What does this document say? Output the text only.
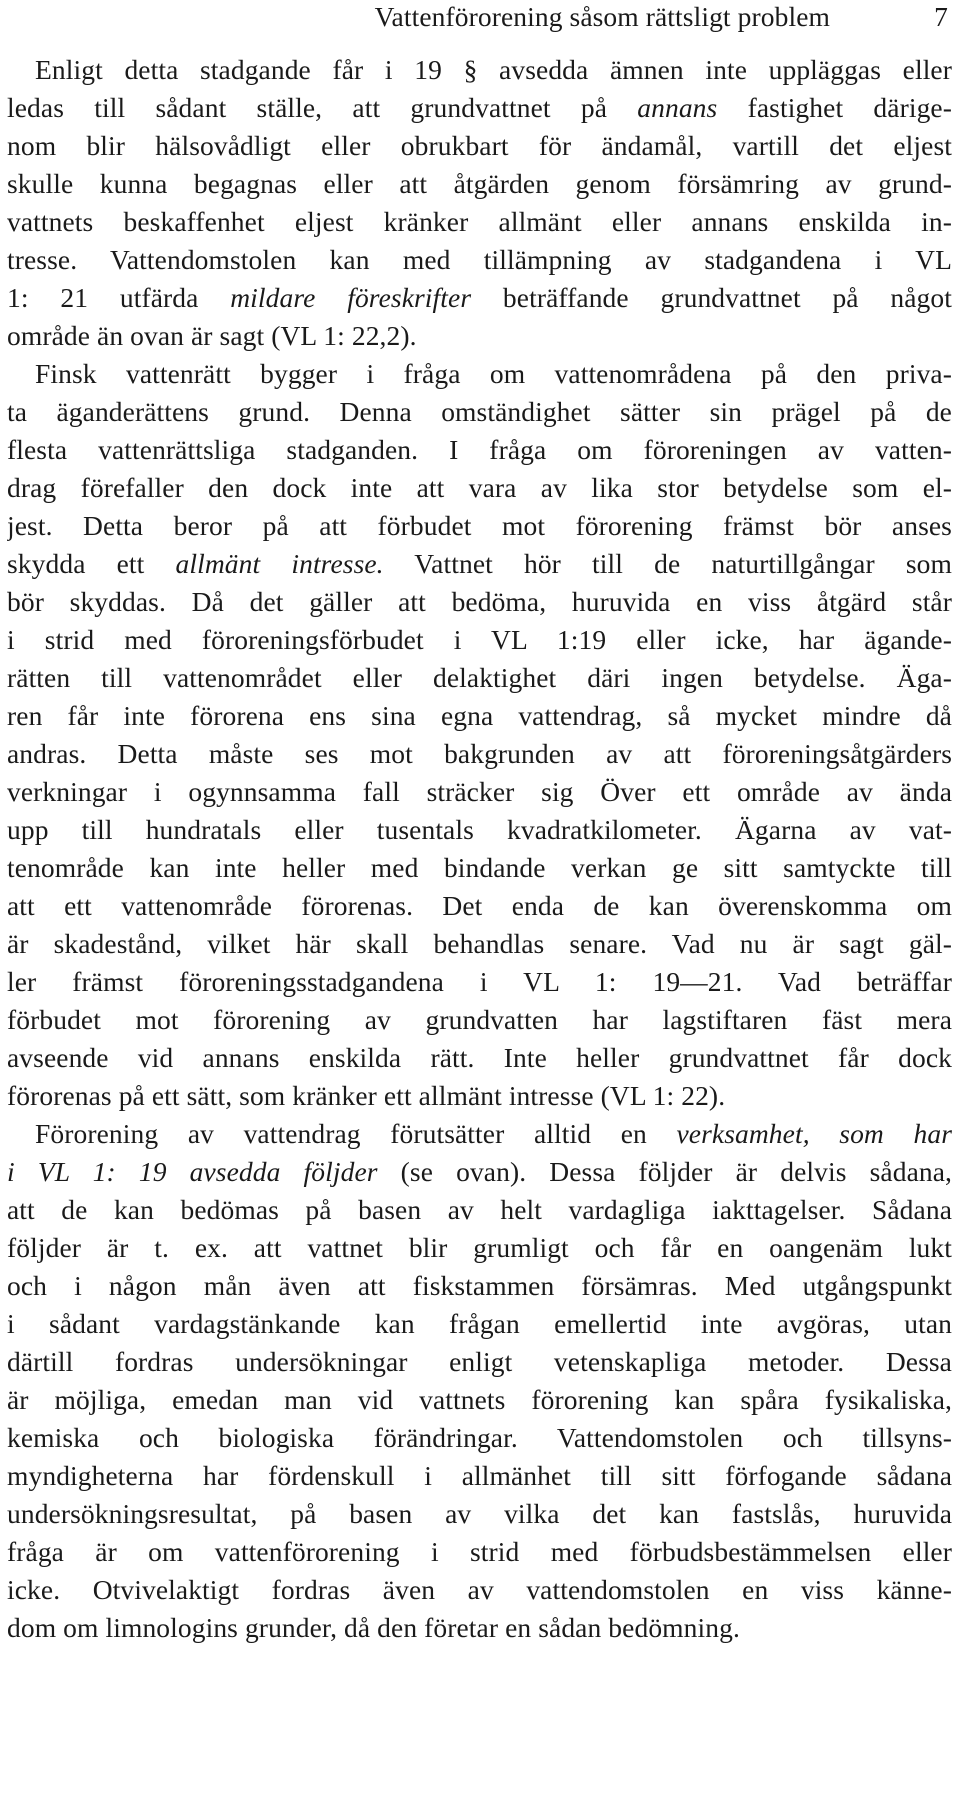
Vattenförorening såsom rättsligt problem	7
Enligt detta stadgande får i 19 § avsedda ämnen inte uppläggas eller
ledas till sådant ställe, att grundvattnet på annans fastighet därige-
nom blir hälsovådligt eller obrukbart för ändamål, vartill det eljest
skulle kunna begagnas eller att åtgärden genom försämring av grund-
vattnets beskaffenhet eljest kränker allmänt eller annans enskilda in-
tresse. Vattendomstolen kan med tillämpning av stadgandena i VL
1: 21 utfärda mildare föreskrifter beträffande grundvattnet på något
område än ovan är sagt (VL 1: 22,2).
Finsk vattenrätt bygger i fråga om vattenområdena på den priva-
ta äganderättens grund. Denna omständighet sätter sin prägel på de
flesta vattenrättsliga stadganden. I fråga om föroreningen av vatten-
drag förefaller den dock inte att vara av lika stor betydelse som el-
jest. Detta beror på att förbudet mot förorening främst bör anses
skydda ett allmänt intresse. Vattnet hör till de naturtillgångar som
bör skyddas. Då det gäller att bedöma, huruvida en viss åtgärd står
i strid med föroreningsförbudet i VL 1:19 eller icke, har ägande-
rätten till vattenområdet eller delaktighet däri ingen betydelse. Äga-
ren får inte förorena ens sina egna vattendrag, så mycket mindre då
andras. Detta måste ses mot bakgrunden av att föroreningsåtgärders
verkningar i ogynnsamma fall sträcker sig Över ett område av ända
upp till hundratals eller tusentals kvadratkilometer. Ägarna av vat-
tenområde kan inte heller med bindande verkan ge sitt samtyckte till
att ett vattenområde förorenas. Det enda de kan överenskomma om
är skadestånd, vilket här skall behandlas senare. Vad nu är sagt gäl-
ler främst föroreningsstadgandena i VL 1: 19—21. Vad beträffar
förbudet mot förorening av grundvatten har lagstiftaren fäst mera
avseende vid annans enskilda rätt. Inte heller grundvattnet får dock
förorenas på ett sätt, som kränker ett allmänt intresse (VL 1: 22).
Förorening av vattendrag förutsätter alltid en verksamhet, som har
i VL 1: 19 avsedda följder (se ovan). Dessa följder är delvis sådana,
att de kan bedömas på basen av helt vardagliga iakttagelser. Sådana
följder är t. ex. att vattnet blir grumligt och får en oangenäm lukt
och i någon mån även att fiskstammen försämras. Med utgångspunkt
i sådant vardagstänkande kan frågan emellertid inte avgöras, utan
därtill fordras undersökningar enligt vetenskapliga metoder. Dessa
är möjliga, emedan man vid vattnets förorening kan spåra fysikaliska,
kemiska och biologiska förändringar. Vattendomstolen och tillsyns-
myndigheterna har fördenskull i allmänhet till sitt förfogande sådana
undersökningsresultat, på basen av vilka det kan fastslås, huruvida
fråga är om vattenförorening i strid med förbudsbestämmelsen eller
icke. Otvivelaktigt fordras även av vattendomstolen en viss känne-
dom om limnologins grunder, då den företar en sådan bedömning.
